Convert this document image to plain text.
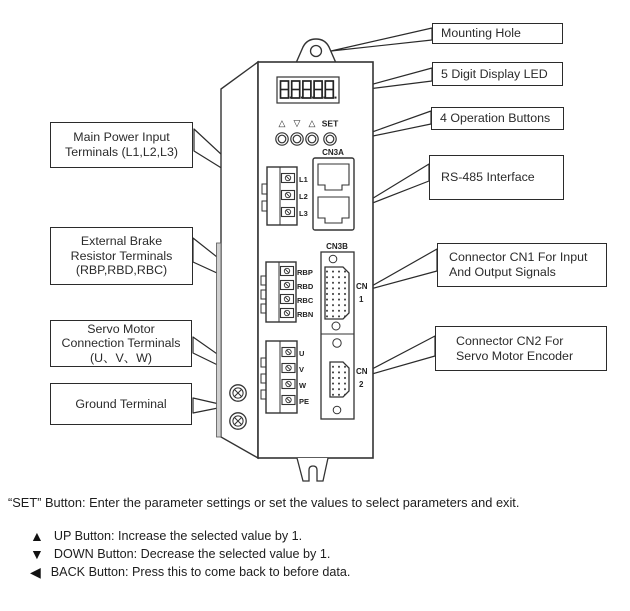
△ ▽ △ SET
CN3A
CN3B
CN
1
CN
2
L1
L2
L3
RBP
RBD
RBC
RBN
U
V
W
PE
Main Power Input
Terminals (L1,L2,L3)
External Brake
Resistor Terminals
(RBP,RBD,RBC)
Servo Motor
Connection Terminals
(U、V、W)
Ground Terminal
Mounting Hole
5 Digit Display LED
4 Operation Buttons
RS-485 Interface
Connector CN1 For Input
And Output Signals
Connector CN2 For
Servo Motor Encoder
“SET” Button: Enter the parameter settings or set the values to select parameters and exit.
▲ UP Button: Increase the selected value by 1.
▼ DOWN Button: Decrease the selected value by 1.
◀ BACK Button: Press this to come back to before data.
